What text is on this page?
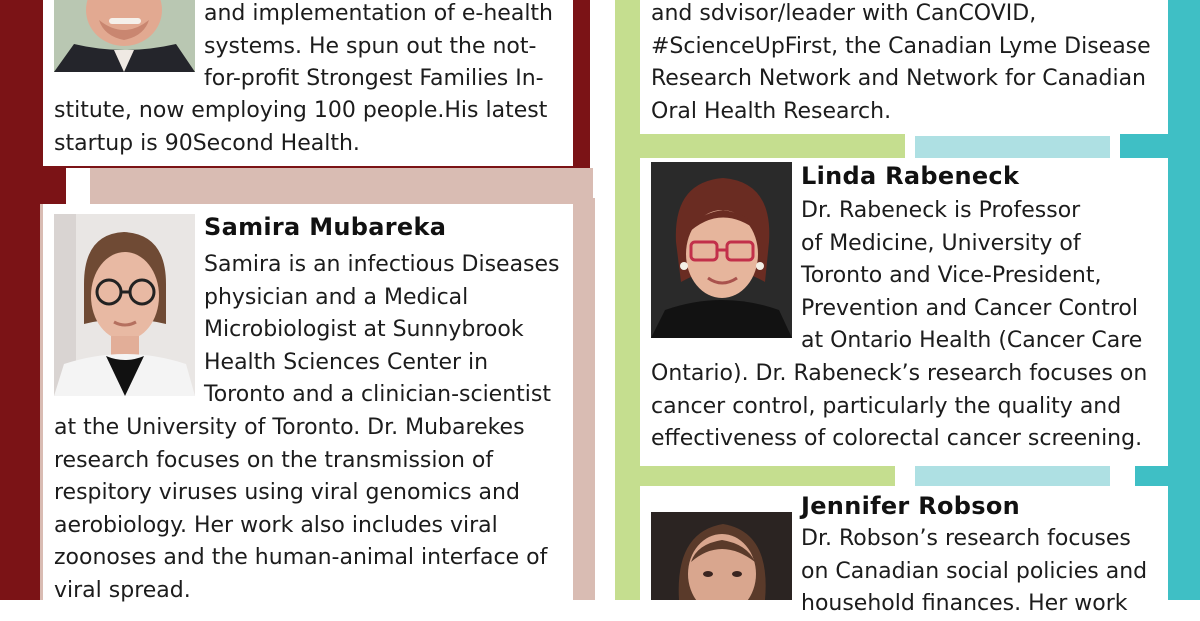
and implementation of e-health

systems. He spun out the not-

for-profit Strongest Families In-

stitute, now employing 100 people.His latest

startup is 90Second Health.

Samira Mubareka

Samira is an infectious Diseases

physician and a Medical

Microbiologist at Sunnybrook

Health Sciences Center in

Toronto and a clinician-scientist

at the University of Toronto. Dr. Mubarekes

research focuses on the transmission of

respitory viruses using viral genomics and

aerobiology. Her work also includes viral

zoonoses and the human-animal interface of

viral spread.

and sdvisor/leader with CanCOVID,

#ScienceUpFirst, the Canadian Lyme Disease

Research Network and Network for Canadian

Oral Health Research.

Linda Rabeneck

Dr. Rabeneck is Professor

of Medicine, University of

Toronto and Vice-President,

Prevention and Cancer Control

at Ontario Health (Cancer Care

Ontario). Dr. Rabeneck’s research focuses on

cancer control, particularly the quality and

effectiveness of colorectal cancer screening.

Jennifer Robson

Dr. Robson’s research focuses

on Canadian social policies and

household finances. Her work
